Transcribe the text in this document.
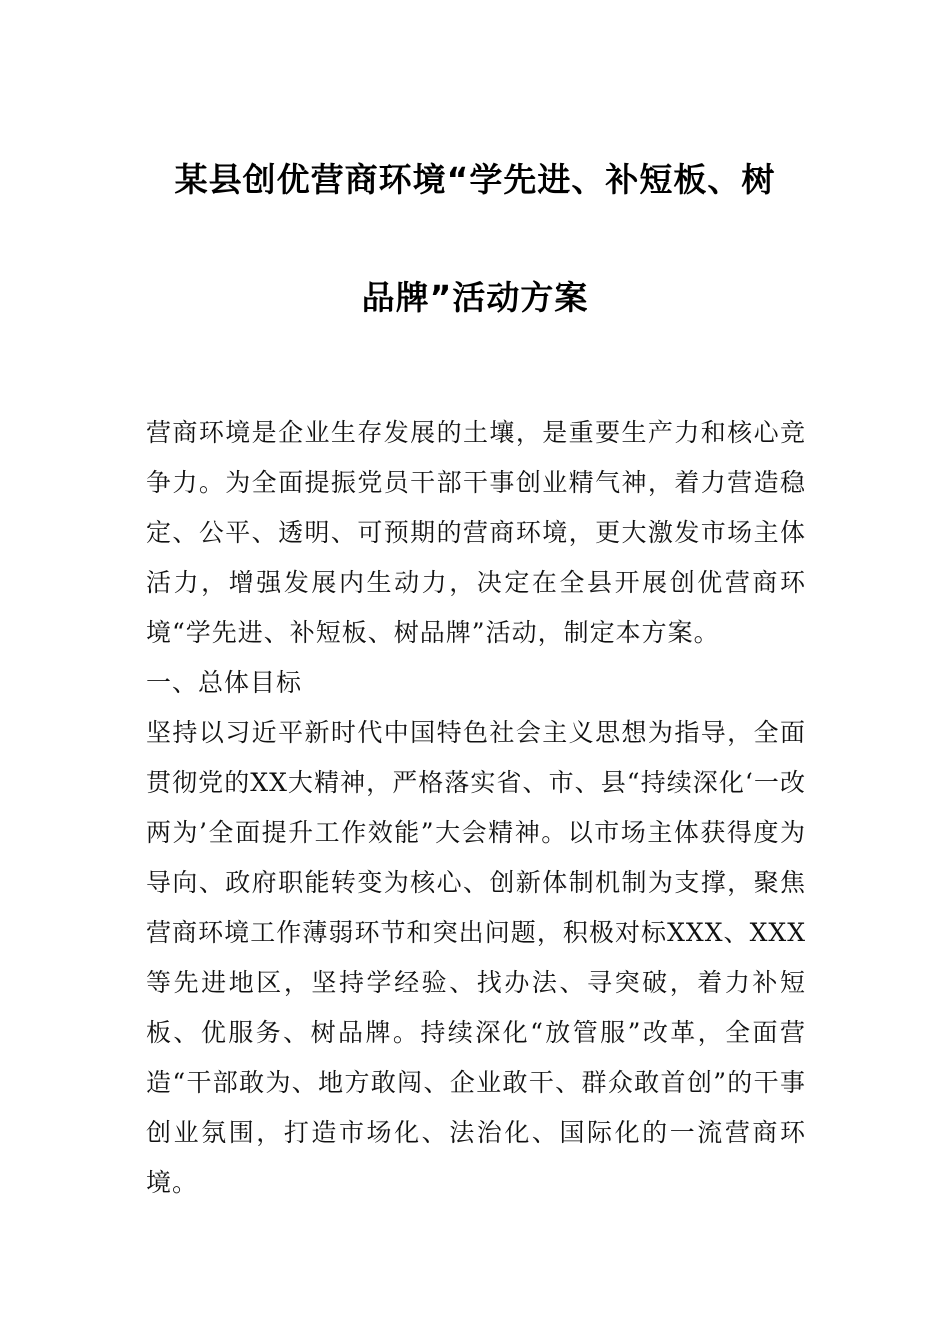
某县创优营商环境“学先进、补短板、树
品牌”活动方案

营商环境是企业生存发展的土壤，是重要生产力和核心竞争力。为全面提振党员干部干事创业精气神，着力营造稳定、公平、透明、可预期的营商环境，更大激发市场主体活力，增强发展内生动力，决定在全县开展创优营商环境“学先进、补短板、树品牌”活动，制定本方案。

一、总体目标

坚持以习近平新时代中国特色社会主义思想为指导，全面贯彻党的XX大精神，严格落实省、市、县“持续深化‘一改两为’全面提升工作效能”大会精神。以市场主体获得度为导向、政府职能转变为核心、创新体制机制为支撑，聚焦营商环境工作薄弱环节和突出问题，积极对标XXX、XXX等先进地区，坚持学经验、找办法、寻突破，着力补短板、优服务、树品牌。持续深化“放管服”改革，全面营造“干部敢为、地方敢闯、企业敢干、群众敢首创”的干事创业氛围，打造市场化、法治化、国际化的一流营商环境。
